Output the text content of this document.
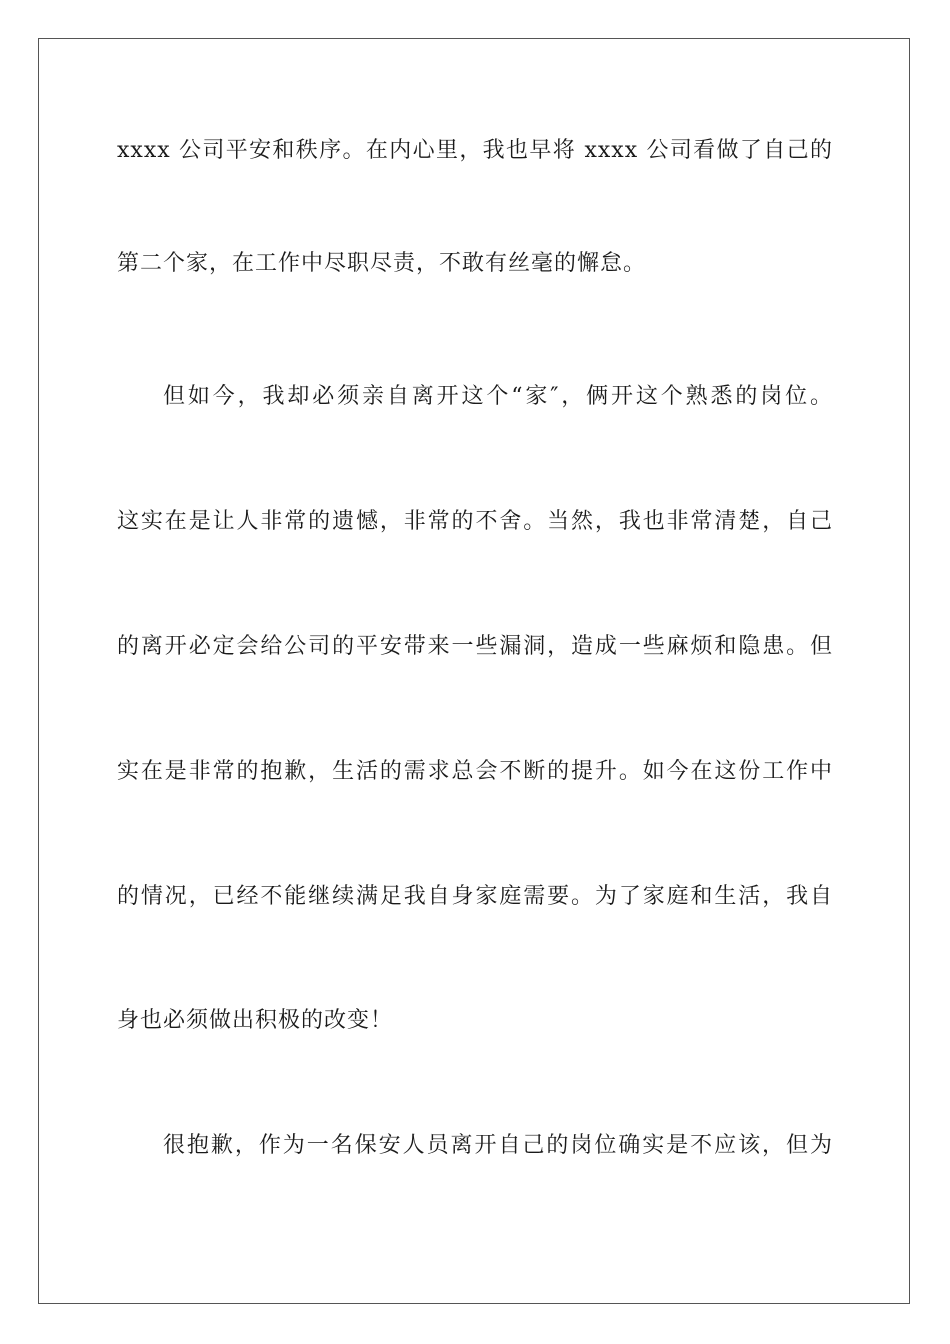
xxxx 公司平安和秩序。在内心里，我也早将 xxxx 公司看做了自己的
第二个家，在工作中尽职尽责，不敢有丝毫的懈怠。
但如今，我却必须亲自离开这个“家″，俩开这个熟悉的岗位。
这实在是让人非常的遗憾，非常的不舍。当然，我也非常清楚，自己
的离开必定会给公司的平安带来一些漏洞，造成一些麻烦和隐患。但
实在是非常的抱歉，生活的需求总会不断的提升。如今在这份工作中
的情况，已经不能继续满足我自身家庭需要。为了家庭和生活，我自
身也必须做出积极的改变！
很抱歉，作为一名保安人员离开自己的岗位确实是不应该，但为
